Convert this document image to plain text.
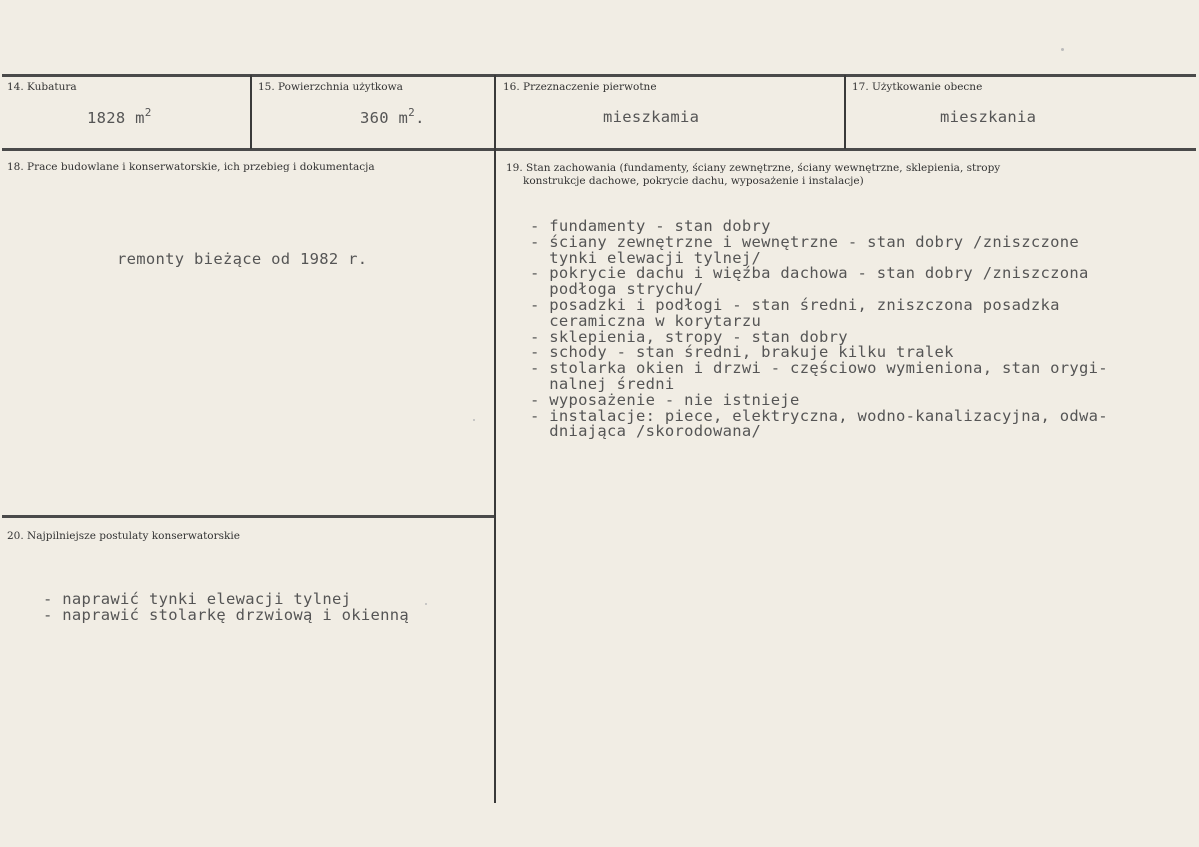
14. Kubatura
1828 $m^2$
15. Powierzchnia użytkowa
360 $m^2$.
16. Przeznaczenie pierwotne
mieszkamia
17. Użytkowanie obecne
mieszkania
18. Prace budowlane i konserwatorskie, ich przebieg i dokumentacja
remonty bieżące od 1982 r.
19. Stan zachowania (fundamenty, ściany zewnętrzne, ściany wewnętrzne, sklepienia, stropy
konstrukcje dachowe, pokrycie dachu, wyposażenie i instalacje)
- fundamenty - stan dobry
- ściany zewnętrzne i wewnętrzne - stan dobry /zniszczone
tynki elewacji tylnej/
- pokrycie dachu i więźba dachowa - stan dobry /zniszczona
podłoga strychu/
- posadzki i podłogi - stan średni, zniszczona posadzka
ceramiczna w korytarzu
- sklepienia, stropy - stan dobry
- schody - stan średni, brakuje kilku tralek
- stolarka okien i drzwi - częściowo wymieniona, stan orygi-
nalnej średni
- wyposażenie - nie istnieje
- instalacje: piece, elektryczna, wodno-kanalizacyjna, odwa-
dniająca /skorodowana/
20. Najpilniejsze postulaty konserwatorskie
- naprawić tynki elewacji tylnej
- naprawić stolarkę drzwiową i okienną
